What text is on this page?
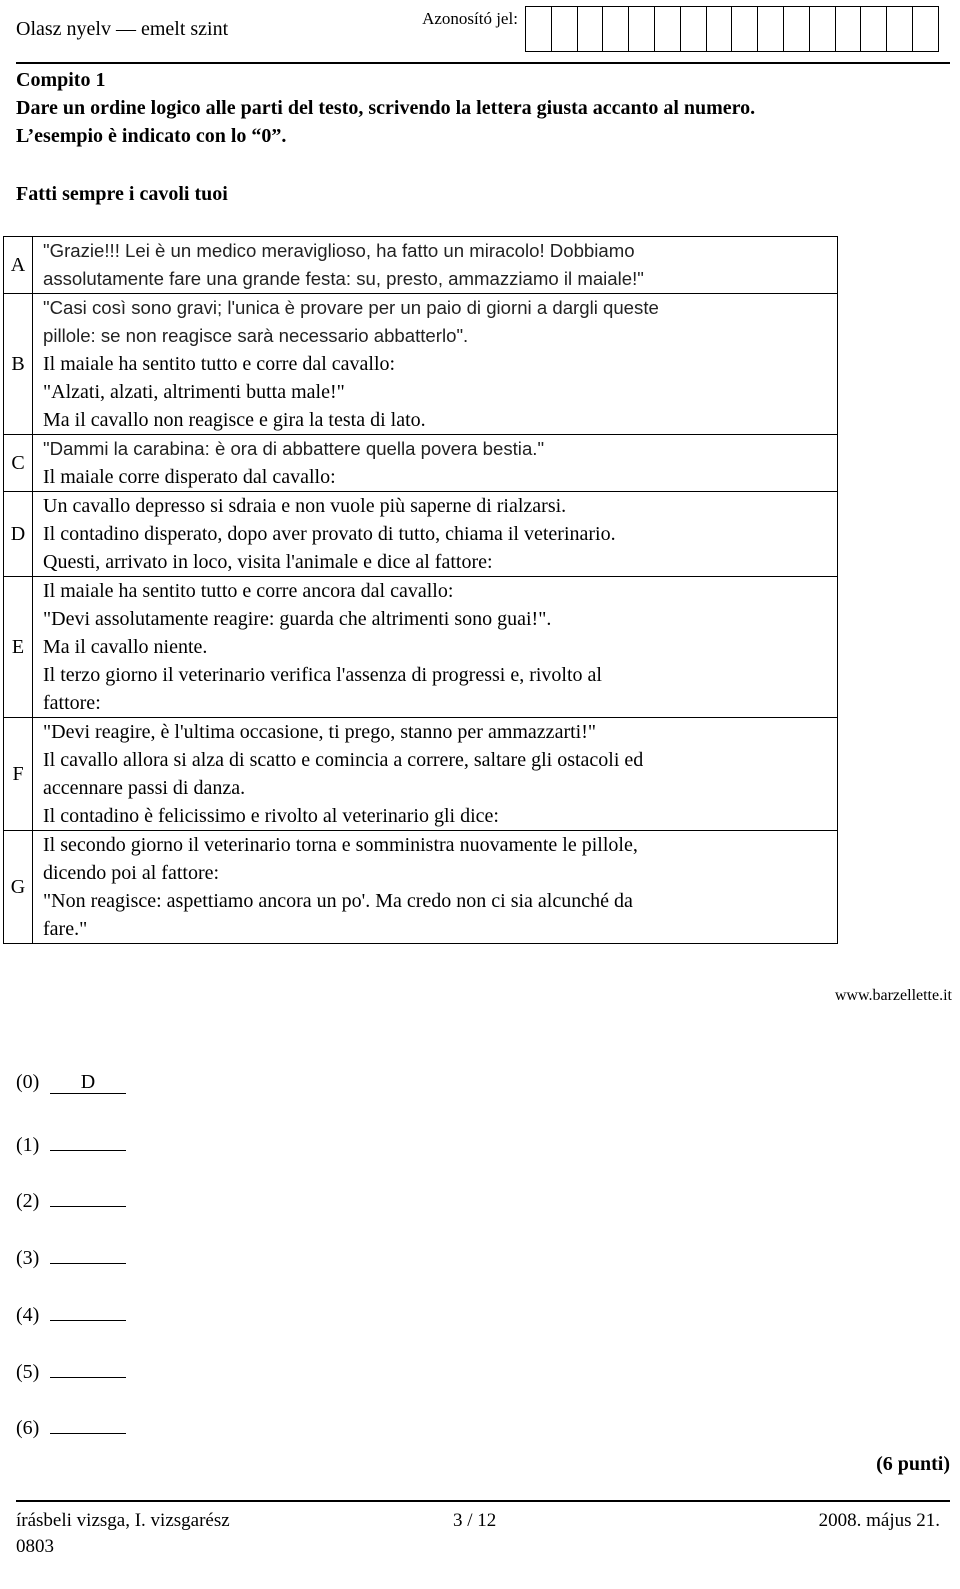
Olasz nyelv — emelt szint	Azonosító jel:

Compito 1

Dare un ordine logico alle parti del testo, scrivendo la lettera giusta accanto al numero.

L’esempio è indicato con lo “0”.

Fatti sempre i cavoli tuoi
A	"Grazie!!! Lei è un medico meraviglioso, ha fatto un miracolo! Dobbiamo
assolutamente fare una grande festa: su, presto, ammazziamo il maiale!"

B	"Casi così sono gravi; l'unica è provare per un paio di giorni a dargli queste
pillole: se non reagisce sarà necessario abbatterlo".
Il maiale ha sentito tutto e corre dal cavallo:
"Alzati, alzati, altrimenti butta male!"
Ma il cavallo non reagisce e gira la testa di lato.

C	"Dammi la carabina: è ora di abbattere quella povera bestia."
Il maiale corre disperato dal cavallo:

D	Un cavallo depresso si sdraia e non vuole più saperne di rialzarsi.
Il contadino disperato, dopo aver provato di tutto, chiama il veterinario.
Questi, arrivato in loco, visita l'animale e dice al fattore:

E	Il maiale ha sentito tutto e corre ancora dal cavallo:
"Devi assolutamente reagire: guarda che altrimenti sono guai!".
Ma il cavallo niente.
Il terzo giorno il veterinario verifica l'assenza di progressi e, rivolto al
fattore:

F	"Devi reagire, è l'ultima occasione, ti prego, stanno per ammazzarti!"
Il cavallo allora si alza di scatto e comincia a correre, saltare gli ostacoli ed
accennare passi di danza.
Il contadino è felicissimo e rivolto al veterinario gli dice:

G	Il secondo giorno il veterinario torna e somministra nuovamente le pillole,
dicendo poi al fattore:
"Non reagisce: aspettiamo ancora un po'. Ma credo non ci sia alcunché da
fare."
www.barzellette.it
(0) D
(1)
(2)
(3)
(4)
(5)
(6)
(6 punti)
írásbeli vizsga, I. vizsgarész	3 / 12	2008. május 21.
0803
